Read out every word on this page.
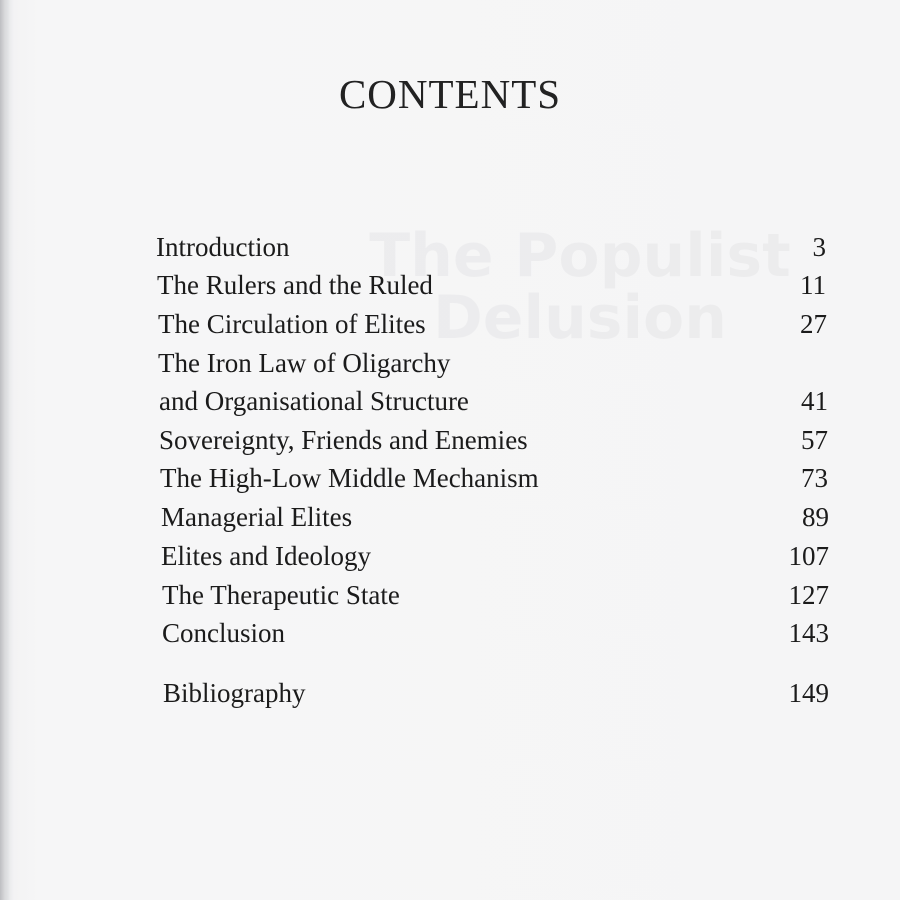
CONTENTS
Introduction	3
The Rulers and the Ruled	11
The Circulation of Elites	27
The Iron Law of Oligarchy
and Organisational Structure	41
Sovereignty, Friends and Enemies	57
The High-Low Middle Mechanism	73
Managerial Elites	89
Elites and Ideology	107
The Therapeutic State	127
Conclusion	143
Bibliography	149
